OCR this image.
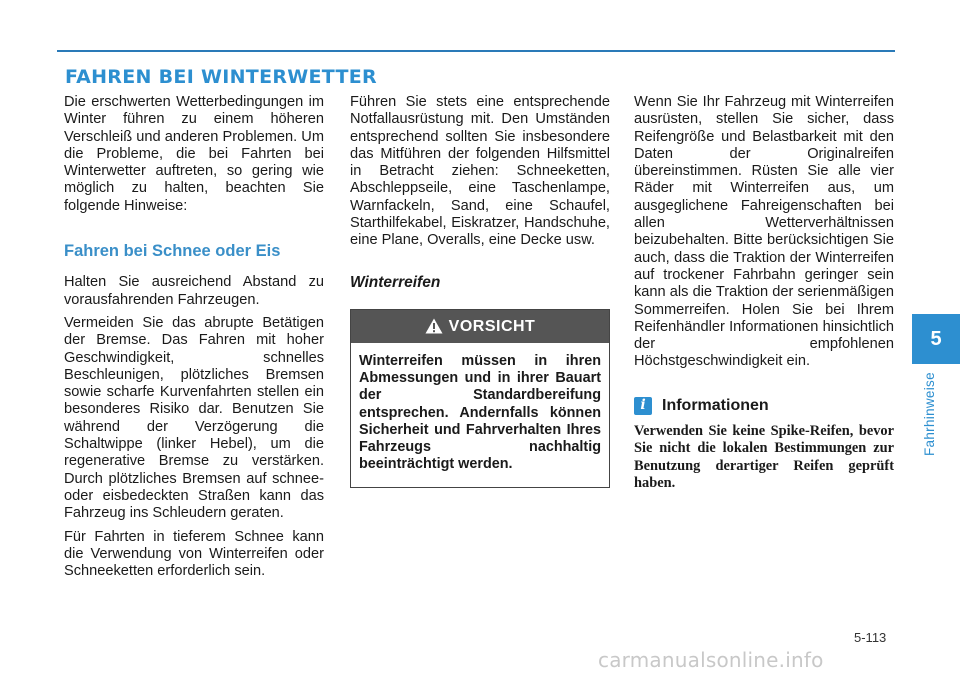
FAHREN BEI WINTERWETTER

Die erschwerten Wetterbedingungen im Winter führen zu einem höheren Verschleiß und anderen Problemen. Um die Probleme, die bei Fahrten bei Winterwetter auftreten, so gering wie möglich zu halten, beachten Sie folgende Hinweise:

Fahren bei Schnee oder Eis

Halten Sie ausreichend Abstand zu vorausfahrenden Fahrzeugen.

Vermeiden Sie das abrupte Betätigen der Bremse. Das Fahren mit hoher Geschwindigkeit, schnelles Beschleunigen, plötzliches Bremsen sowie scharfe Kurvenfahrten stellen ein besonderes Risiko dar. Benutzen Sie während der Verzögerung die Schaltwippe (linker Hebel), um die regenerative Bremse zu verstärken. Durch plötzliches Bremsen auf schnee- oder eisbedeckten Straßen kann das Fahrzeug ins Schleudern geraten.

Für Fahrten in tieferem Schnee kann die Verwendung von Winterreifen oder Schneeketten erforderlich sein.

Führen Sie stets eine entsprechende Notfallausrüstung mit. Den Umständen entsprechend sollten Sie insbesondere das Mitführen der folgenden Hilfsmittel in Betracht ziehen: Schneeketten, Abschleppseile, eine Taschenlampe, Warnfackeln, Sand, eine Schaufel, Starthilfekabel, Eiskratzer, Handschuhe, eine Plane, Overalls, eine Decke usw.

Winterreifen
VORSICHT
Winterreifen müssen in ihren Abmessungen und in ihrer Bauart der Standardbereifung entsprechen. Andernfalls können Sicherheit und Fahrverhalten Ihres Fahrzeugs nachhaltig beeinträchtigt werden.

Wenn Sie Ihr Fahrzeug mit Winterreifen ausrüsten, stellen Sie sicher, dass Reifengröße und Belastbarkeit mit den Daten der Originalreifen übereinstimmen. Rüsten Sie alle vier Räder mit Winterreifen aus, um ausgeglichene Fahreigenschaften bei allen Wetterverhältnissen beizubehalten. Bitte berücksichtigen Sie auch, dass die Traktion der Winterreifen auf trockener Fahrbahn geringer sein kann als die Traktion der serienmäßigen Sommerreifen. Holen Sie bei Ihrem Reifenhändler Informationen hinsichtlich der empfohlenen Höchstgeschwindigkeit ein.

i	Informationen
Verwenden Sie keine Spike-Reifen, bevor Sie nicht die lokalen Bestimmungen zur Benutzung derartiger Reifen geprüft haben.
5
Fahrhinweise
5-113
carmanualsonline.info
